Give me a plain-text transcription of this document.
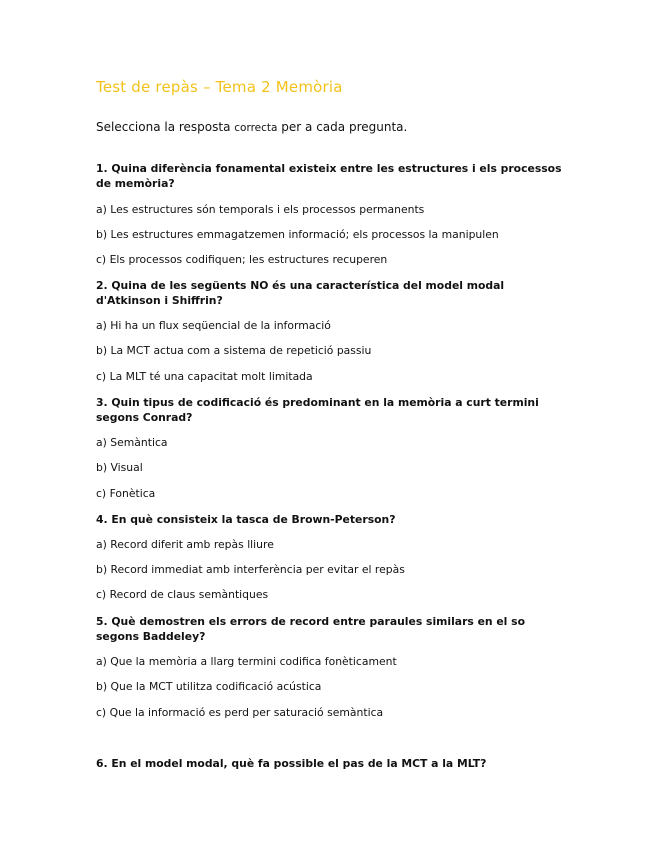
Test de repàs – Tema 2 Memòria
Selecciona la resposta correcta per a cada pregunta.
1. Quina diferència fonamental existeix entre les estructures i els processos de memòria?
a) Les estructures són temporals i els processos permanents
b) Les estructures emmagatzemen informació; els processos la manipulen
c) Els processos codifiquen; les estructures recuperen
2. Quina de les següents NO és una característica del model modal d'Atkinson i Shiffrin?
a) Hi ha un flux seqüencial de la informació
b) La MCT actua com a sistema de repetició passiu
c) La MLT té una capacitat molt limitada
3. Quin tipus de codificació és predominant en la memòria a curt termini segons Conrad?
a) Semàntica
b) Visual
c) Fonètica
4. En què consisteix la tasca de Brown-Peterson?
a) Record diferit amb repàs lliure
b) Record immediat amb interferència per evitar el repàs
c) Record de claus semàntiques
5. Què demostren els errors de record entre paraules similars en el so segons Baddeley?
a) Que la memòria a llarg termini codifica fonèticament
b) Que la MCT utilitza codificació acústica
c) Que la informació es perd per saturació semàntica
6. En el model modal, què fa possible el pas de la MCT a la MLT?
